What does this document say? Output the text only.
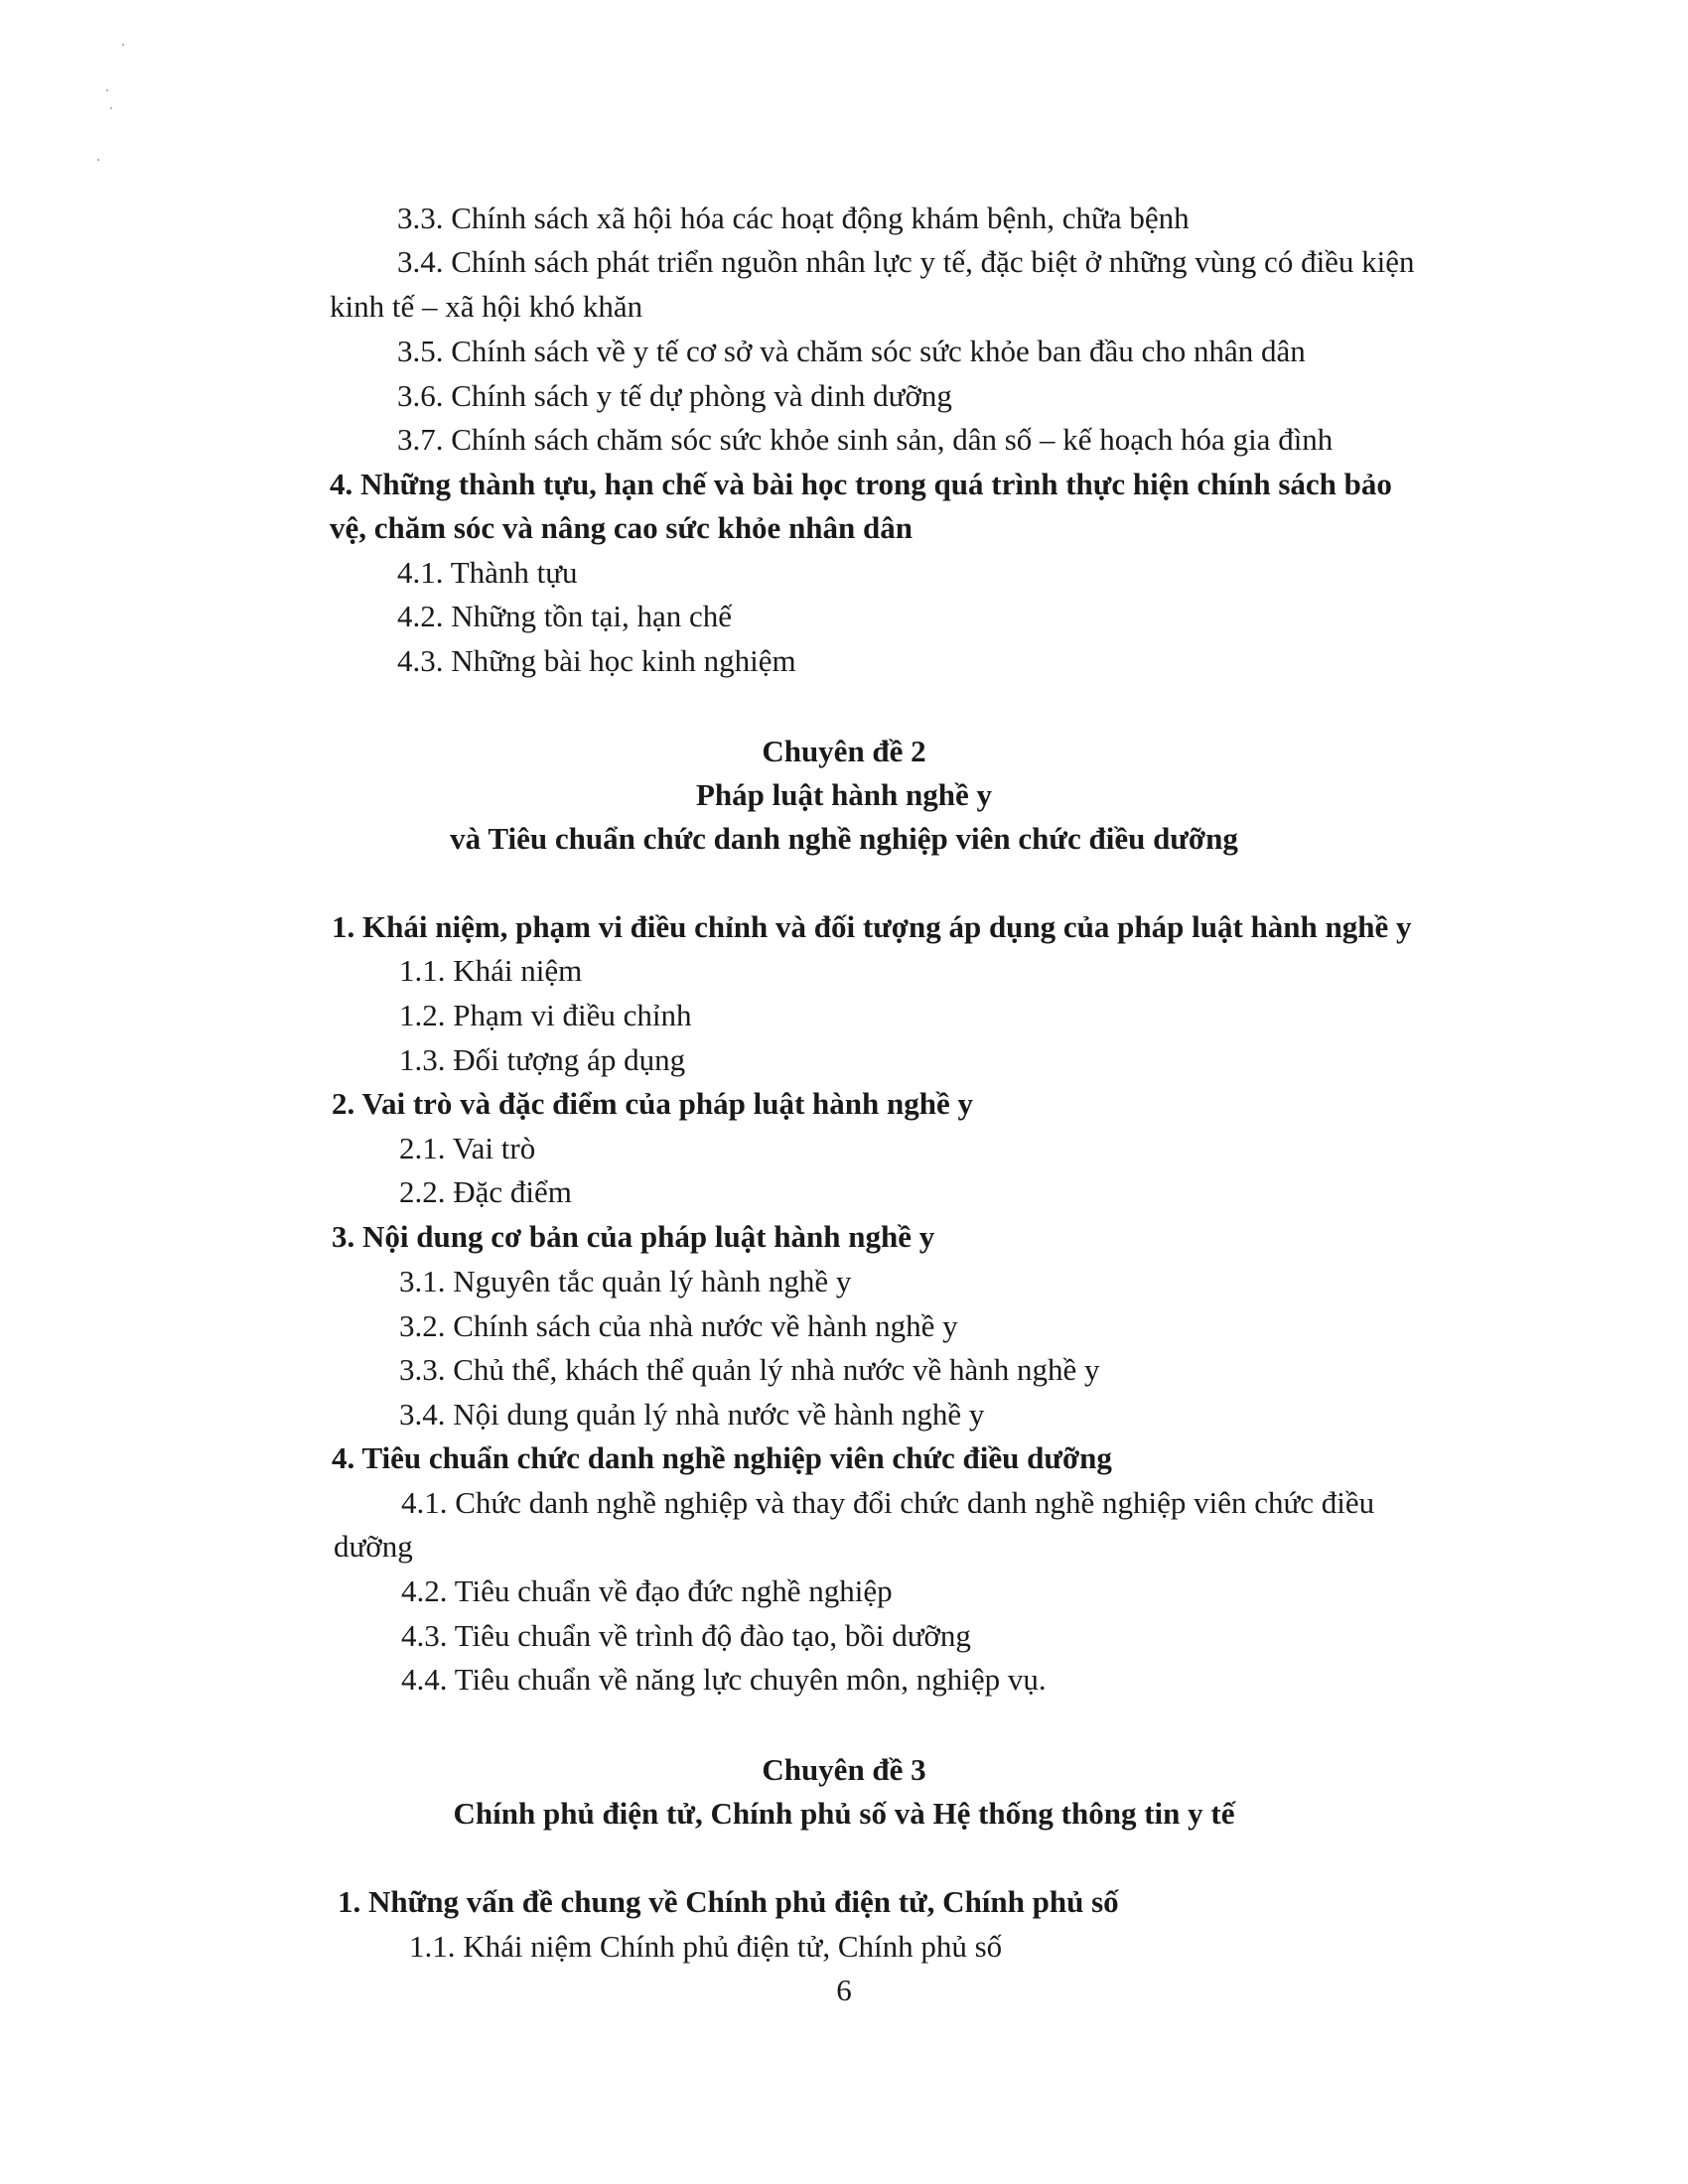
3.3. Chính sách xã hội hóa các hoạt động khám bệnh, chữa bệnh
3.4. Chính sách phát triển nguồn nhân lực y tế, đặc biệt ở những vùng có điều kiện
kinh tế – xã hội khó khăn
3.5. Chính sách về y tế cơ sở và chăm sóc sức khỏe ban đầu cho nhân dân
3.6. Chính sách y tế dự phòng và dinh dưỡng
3.7. Chính sách chăm sóc sức khỏe sinh sản, dân số – kế hoạch hóa gia đình
4. Những thành tựu, hạn chế và bài học trong quá trình thực hiện chính sách bảo
vệ, chăm sóc và nâng cao sức khỏe nhân dân
4.1. Thành tựu
4.2. Những tồn tại, hạn chế
4.3. Những bài học kinh nghiệm
Chuyên đề 2
Pháp luật hành nghề y
và Tiêu chuẩn chức danh nghề nghiệp viên chức điều dưỡng
1. Khái niệm, phạm vi điều chỉnh và đối tượng áp dụng của pháp luật hành nghề y
1.1. Khái niệm
1.2. Phạm vi điều chỉnh
1.3. Đối tượng áp dụng
2. Vai trò và đặc điểm của pháp luật hành nghề y
2.1. Vai trò
2.2. Đặc điểm
3. Nội dung cơ bản của pháp luật hành nghề y
3.1. Nguyên tắc quản lý hành nghề y
3.2. Chính sách của nhà nước về hành nghề y
3.3. Chủ thể, khách thể quản lý nhà nước về hành nghề y
3.4. Nội dung quản lý nhà nước về hành nghề y
4. Tiêu chuẩn chức danh nghề nghiệp viên chức điều dưỡng
4.1. Chức danh nghề nghiệp và thay đổi chức danh nghề nghiệp viên chức điều
dưỡng
4.2. Tiêu chuẩn về đạo đức nghề nghiệp
4.3. Tiêu chuẩn về trình độ đào tạo, bồi dưỡng
4.4. Tiêu chuẩn về năng lực chuyên môn, nghiệp vụ.
Chuyên đề 3
Chính phủ điện tử, Chính phủ số và Hệ thống thông tin y tế
1. Những vấn đề chung về Chính phủ điện tử, Chính phủ số
1.1. Khái niệm Chính phủ điện tử, Chính phủ số
6
